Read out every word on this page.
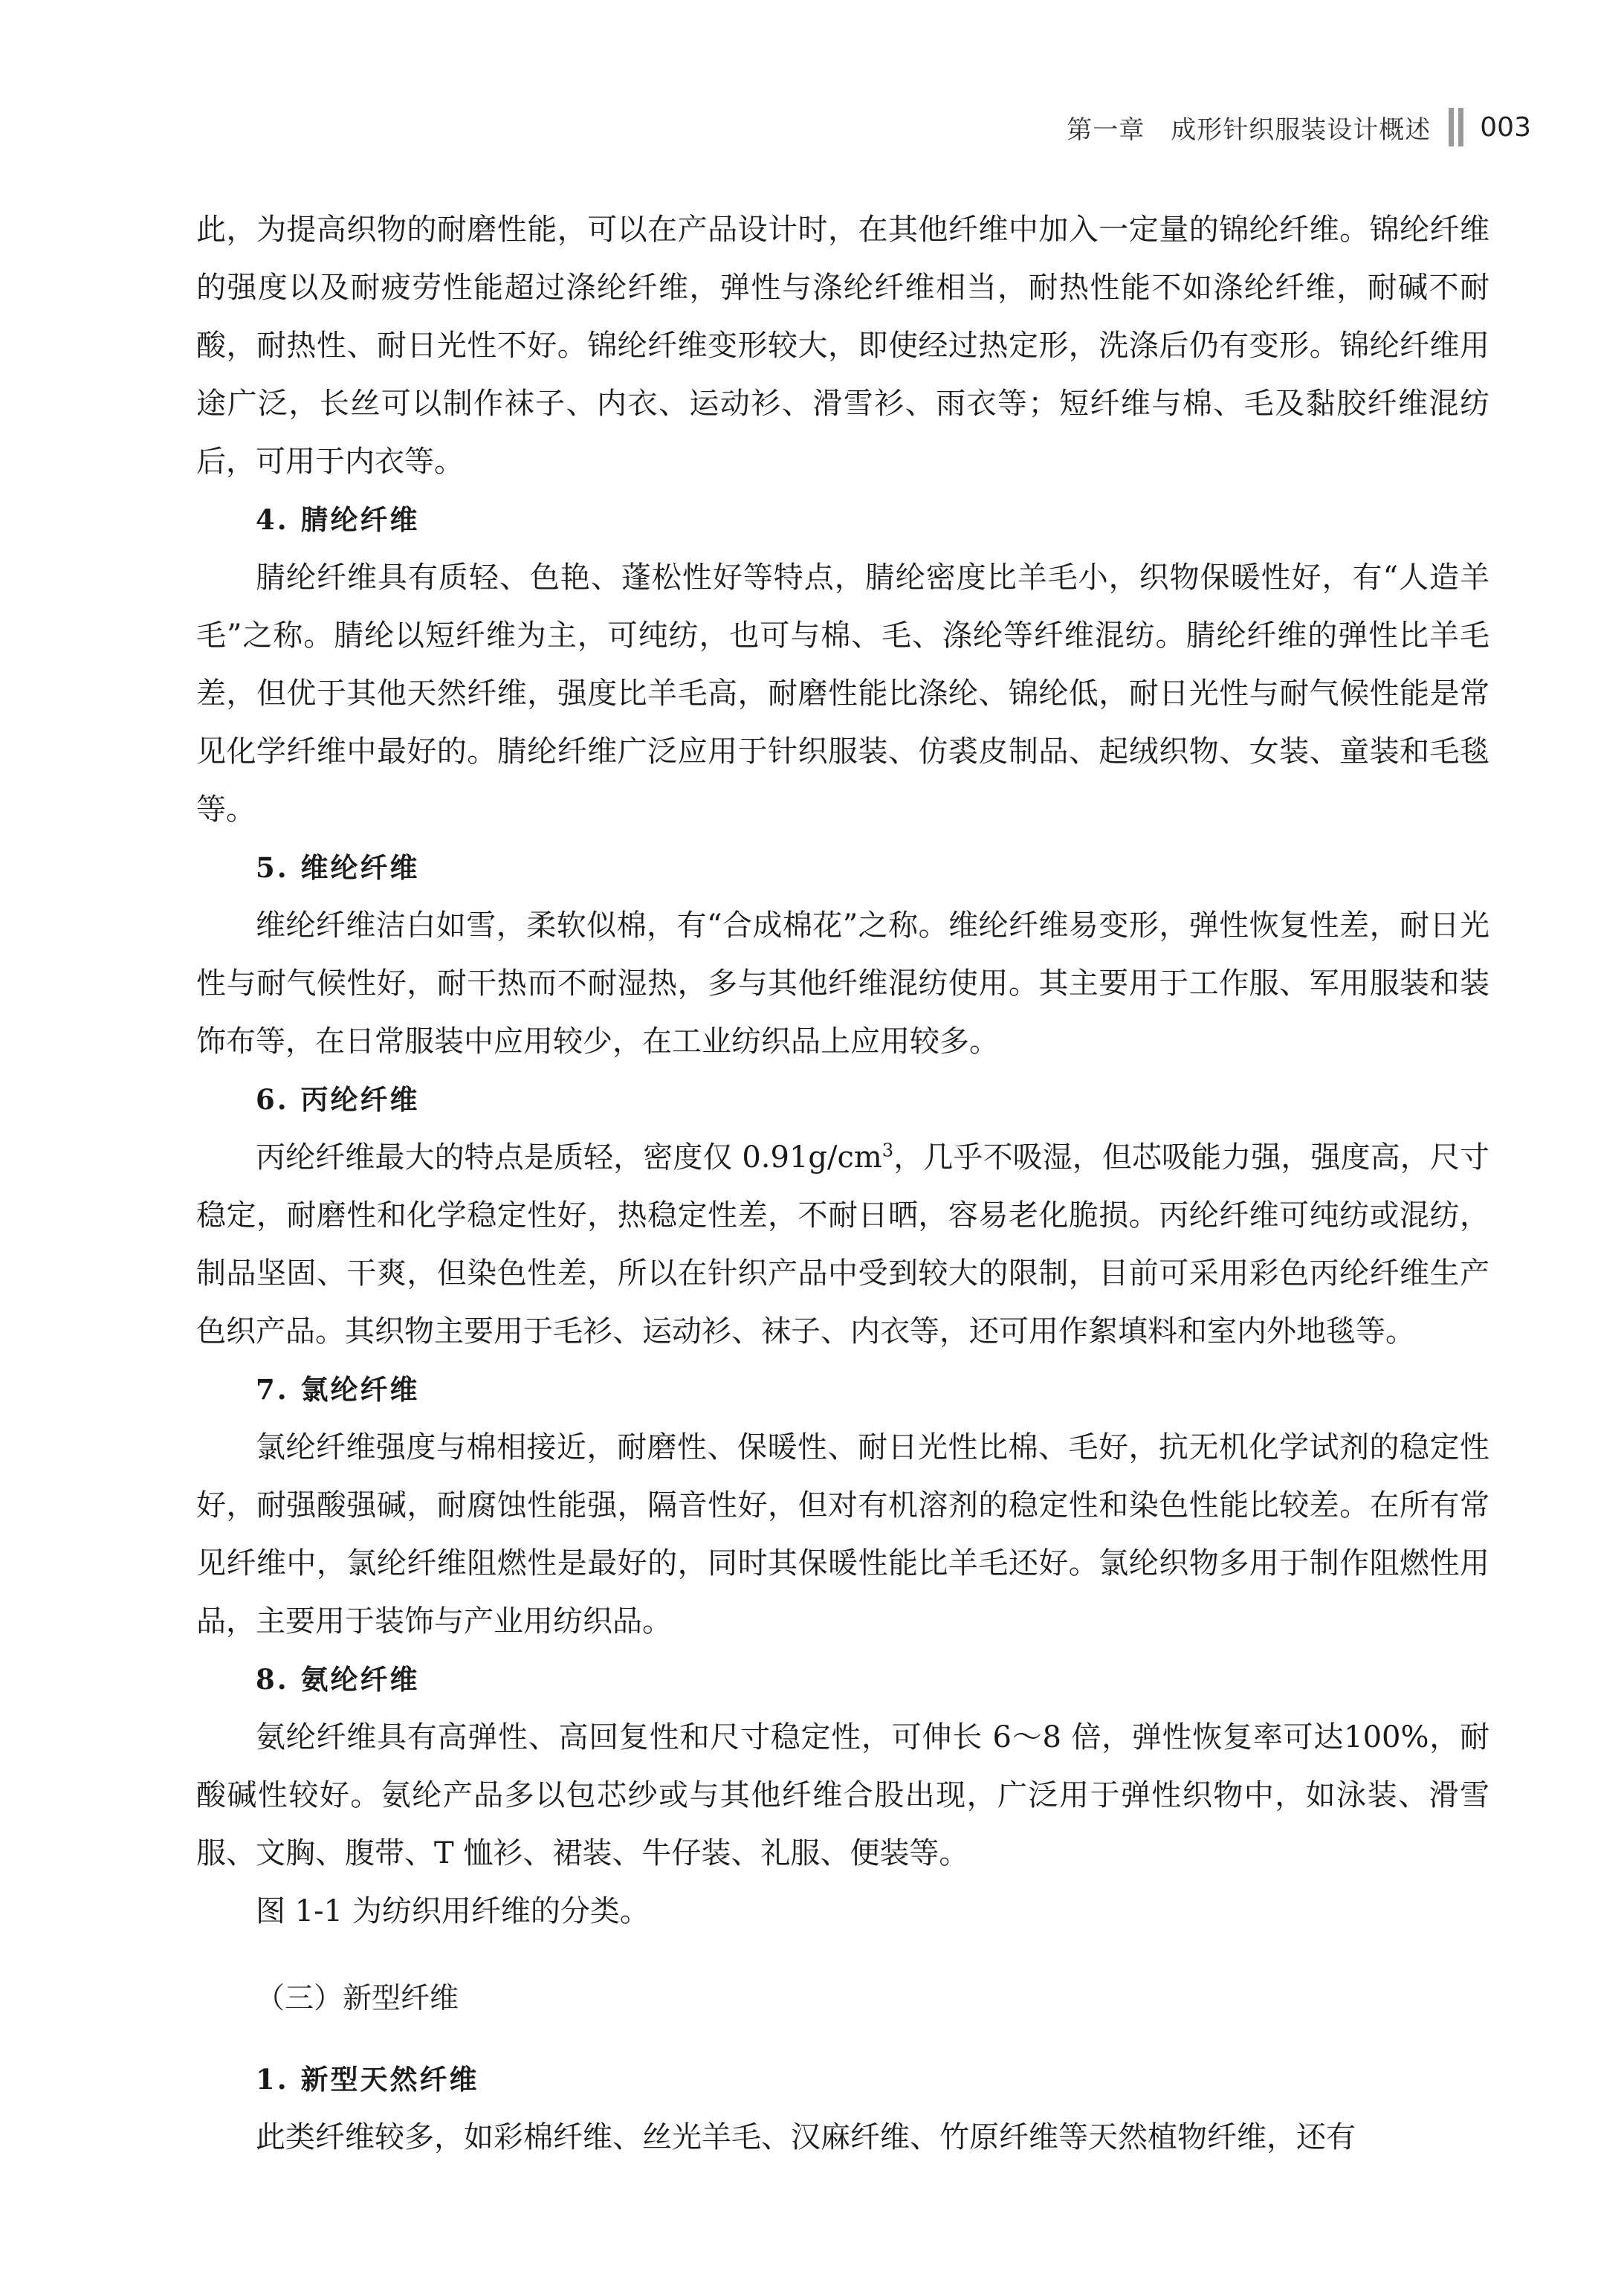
第一章　成形针织服装设计概述 003

此，为提高织物的耐磨性能，可以在产品设计时，在其他纤维中加入一定量的锦纶纤维。锦纶纤维的强度以及耐疲劳性能超过涤纶纤维，弹性与涤纶纤维相当，耐热性能不如涤纶纤维，耐碱不耐酸，耐热性、耐日光性不好。锦纶纤维变形较大，即使经过热定形，洗涤后仍有变形。锦纶纤维用途广泛，长丝可以制作袜子、内衣、运动衫、滑雪衫、雨衣等；短纤维与棉、毛及黏胶纤维混纺后，可用于内衣等。

4. 腈纶纤维

腈纶纤维具有质轻、色艳、蓬松性好等特点，腈纶密度比羊毛小，织物保暖性好，有“人造羊毛”之称。腈纶以短纤维为主，可纯纺，也可与棉、毛、涤纶等纤维混纺。腈纶纤维的弹性比羊毛差，但优于其他天然纤维，强度比羊毛高，耐磨性能比涤纶、锦纶低，耐日光性与耐气候性能是常见化学纤维中最好的。腈纶纤维广泛应用于针织服装、仿裘皮制品、起绒织物、女装、童装和毛毯等。

5. 维纶纤维

维纶纤维洁白如雪，柔软似棉，有“合成棉花”之称。维纶纤维易变形，弹性恢复性差，耐日光性与耐气候性好，耐干热而不耐湿热，多与其他纤维混纺使用。其主要用于工作服、军用服装和装饰布等，在日常服装中应用较少，在工业纺织品上应用较多。

6. 丙纶纤维

丙纶纤维最大的特点是质轻，密度仅 $0.91g/cm^3$，几乎不吸湿，但芯吸能力强，强度高，尺寸稳定，耐磨性和化学稳定性好，热稳定性差，不耐日晒，容易老化脆损。丙纶纤维可纯纺或混纺，制品坚固、干爽，但染色性差，所以在针织产品中受到较大的限制，目前可采用彩色丙纶纤维生产色织产品。其织物主要用于毛衫、运动衫、袜子、内衣等，还可用作絮填料和室内外地毯等。

7. 氯纶纤维

氯纶纤维强度与棉相接近，耐磨性、保暖性、耐日光性比棉、毛好，抗无机化学试剂的稳定性好，耐强酸强碱，耐腐蚀性能强，隔音性好，但对有机溶剂的稳定性和染色性能比较差。在所有常见纤维中，氯纶纤维阻燃性是最好的，同时其保暖性能比羊毛还好。氯纶织物多用于制作阻燃性用品，主要用于装饰与产业用纺织品。

8. 氨纶纤维

氨纶纤维具有高弹性、高回复性和尺寸稳定性，可伸长 6～8 倍，弹性恢复率可达100%，耐酸碱性较好。氨纶产品多以包芯纱或与其他纤维合股出现，广泛用于弹性织物中，如泳装、滑雪服、文胸、腹带、T 恤衫、裙装、牛仔装、礼服、便装等。

图 1-1 为纺织用纤维的分类。

（三）新型纤维
1. 新型天然纤维

此类纤维较多，如彩棉纤维、丝光羊毛、汉麻纤维、竹原纤维等天然植物纤维，还有
